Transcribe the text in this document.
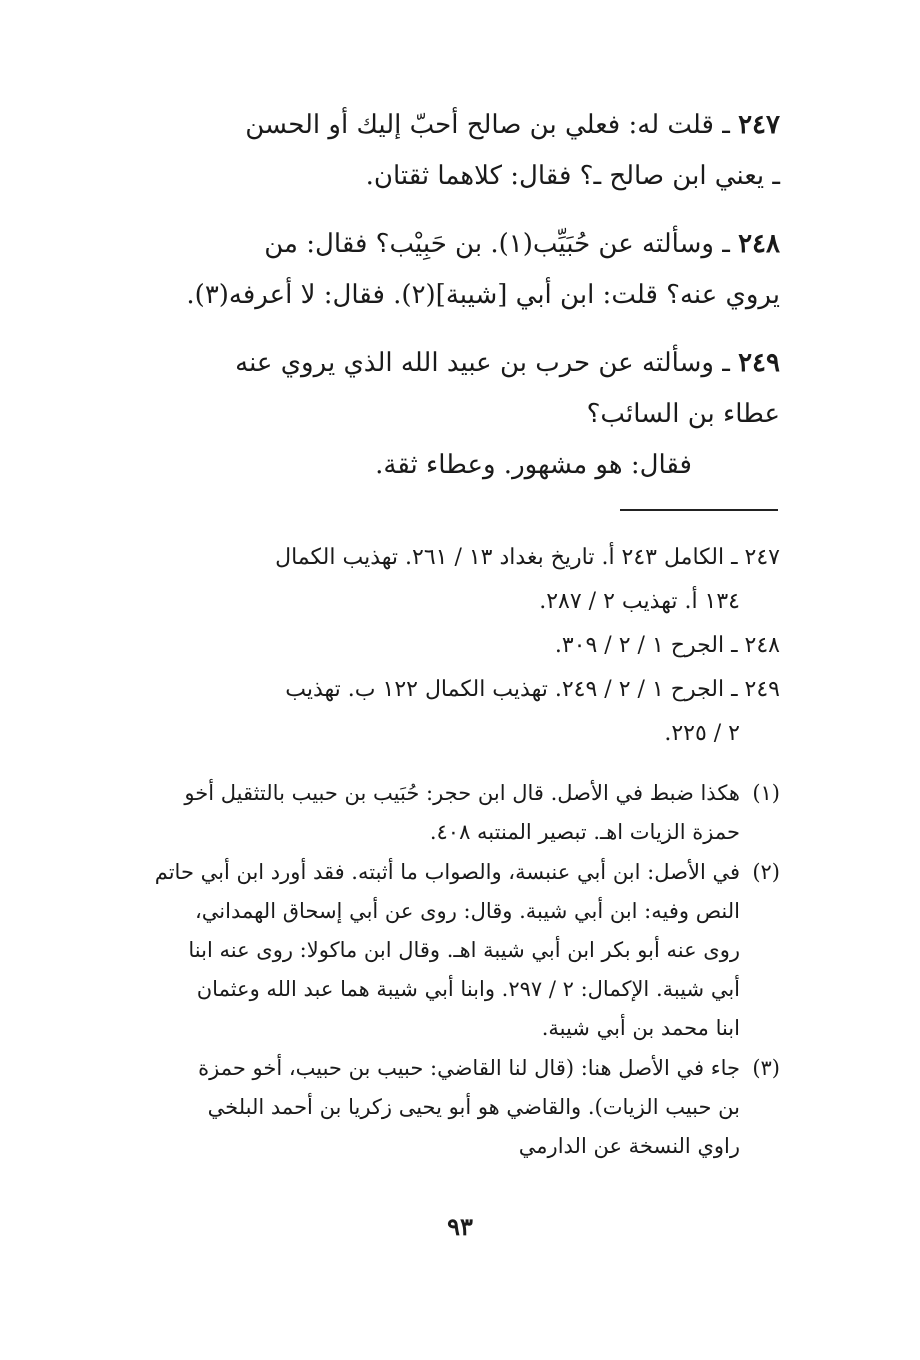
٢٤٧ ـ قلت له: فعلي بن صالح أحبّ إليك أو الحسن
ـ يعني ابن صالح ـ؟ فقال: كلاهما ثقتان.
٢٤٨ ـ وسألته عن حُبَيِّب(١). بن حَبِيْب؟ فقال: من
يروي عنه؟ قلت: ابن أبي [شيبة](٢). فقال: لا أعرفه(٣).
٢٤٩ ـ وسألته عن حرب بن عبيد الله الذي يروي عنه
عطاء بن السائب؟
فقال: هو مشهور. وعطاء ثقة.
٢٤٧ ـ الكامل ٢٤٣ أ. تاريخ بغداد ١٣ / ٢٦١. تهذيب الكمال
١٣٤ أ. تهذيب ٢ / ٢٨٧.
٢٤٨ ـ الجرح ١ / ٢ / ٣٠٩.
٢٤٩ ـ الجرح ١ / ٢ / ٢٤٩. تهذيب الكمال ١٢٢ ب. تهذيب
٢ / ٢٢٥.
(١)
هكذا ضبط في الأصل. قال ابن حجر: حُبَيب بن حبيب بالتثقيل أخو
حمزة الزيات اهـ. تبصير المنتبه ٤٠٨.
(٢)
في الأصل: ابن أبي عنبسة، والصواب ما أثبته. فقد أورد ابن أبي حاتم
النص وفيه: ابن أبي شيبة. وقال: روى عن أبي إسحاق الهمداني،
روى عنه أبو بكر ابن أبي شيبة اهـ. وقال ابن ماكولا: روى عنه ابنا
أبي شيبة. الإكمال: ٢ / ٢٩٧. وابنا أبي شيبة هما عبد الله وعثمان
ابنا محمد بن أبي شيبة.
(٣)
جاء في الأصل هنا: (قال لنا القاضي: حبيب بن حبيب، أخو حمزة
بن حبيب الزيات). والقاضي هو أبو يحيى زكريا بن أحمد البلخي
راوي النسخة عن الدارمي
٩٣
